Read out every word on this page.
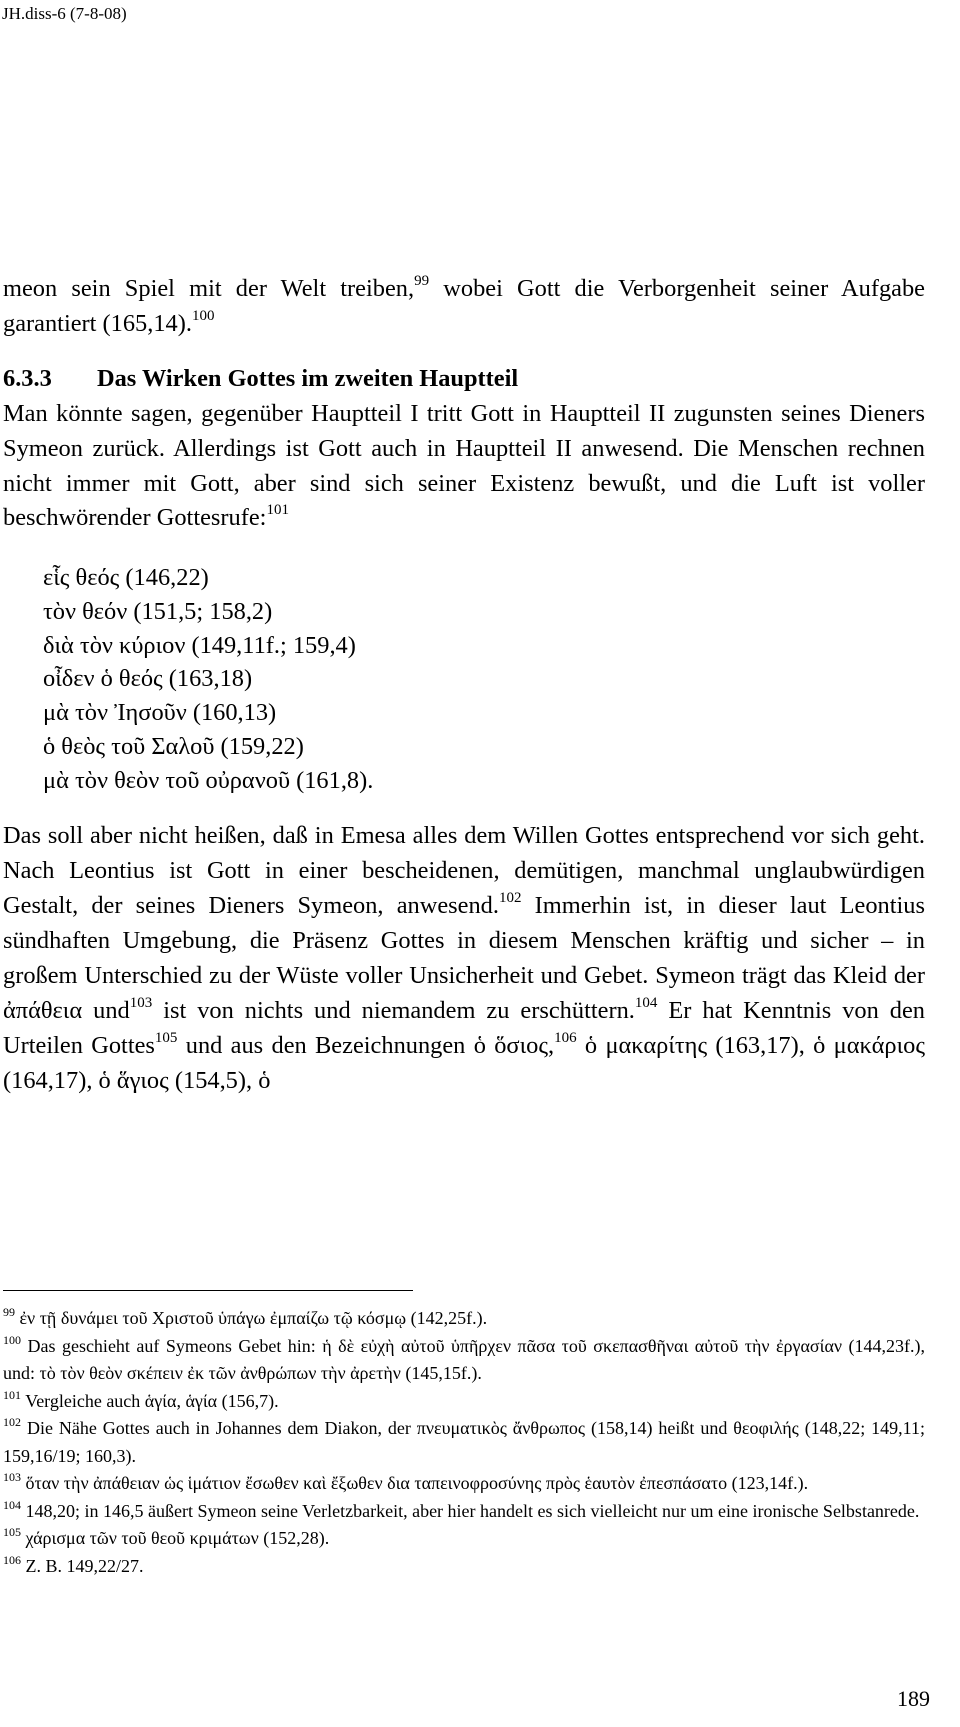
JH.diss-6 (7-8-08)

meon sein Spiel mit der Welt treiben,$^{99}$ wobei Gott die Verborgenheit seiner Aufgabe garantiert (165,14).$^{100}$

6.3.3 Das Wirken Gottes im zweiten Hauptteil

Man könnte sagen, gegenüber Hauptteil I tritt Gott in Hauptteil II zugunsten seines Dieners Symeon zurück. Allerdings ist Gott auch in Hauptteil II anwesend. Die Menschen rechnen nicht immer mit Gott, aber sind sich seiner Existenz bewußt, und die Luft ist voller beschwörender Gottesrufe:$^{101}$

εἷς θεός (146,22)
τὸν θεόν (151,5; 158,2)
διὰ τὸν κύριον (149,11f.; 159,4)
οἶδεν ὁ θεός (163,18)
μὰ τὸν Ἰησοῦν (160,13)
ὁ θεὸς τοῦ Σαλοῦ (159,22)
μὰ τὸν θεὸν τοῦ οὐρανοῦ (161,8).

Das soll aber nicht heißen, daß in Emesa alles dem Willen Gottes entsprechend vor sich geht. Nach Leontius ist Gott in einer bescheidenen, demütigen, manchmal unglaubwürdigen Gestalt, der seines Dieners Symeon, anwesend.$^{102}$ Immerhin ist, in dieser laut Leontius sündhaften Umgebung, die Präsenz Gottes in diesem Menschen kräftig und sicher – in großem Unterschied zu der Wüste voller Unsicherheit und Gebet. Symeon trägt das Kleid der ἀπάθεια und$^{103}$ ist von nichts und niemandem zu erschüttern.$^{104}$ Er hat Kenntnis von den Urteilen Gottes$^{105}$ und aus den Bezeichnungen ὁ ὅσιος,$^{106}$ ὁ μακαρίτης (163,17), ὁ μακάριος (164,17), ὁ ἅγιος (154,5), ὁ

$^{99}$ ἐν τῇ δυνάμει τοῦ Χριστοῦ ὑπάγω ἐμπαίζω τῷ κόσμῳ (142,25f.).

$^{100}$ Das geschieht auf Symeons Gebet hin: ἡ δὲ εὐχὴ αὐτοῦ ὑπῆρχεν πᾶσα τοῦ σκεπασθῆναι αὐτοῦ τὴν ἐργασίαν (144,23f.), und: τὸ τὸν θεὸν σκέπειν ἐκ τῶν ἀνθρώπων τὴν ἀρετὴν (145,15f.).

$^{101}$ Vergleiche auch ἁγία, ἁγία (156,7).

$^{102}$ Die Nähe Gottes auch in Johannes dem Diakon, der πνευματικὸς ἄνθρωπος (158,14) heißt und θεοφιλής (148,22; 149,11; 159,16/19; 160,3).

$^{103}$ ὅταν τὴν ἀπάθειαν ὡς ἱμάτιον ἔσωθεν καὶ ἔξωθεν δια ταπεινοφροσύνης πρὸς ἑαυτὸν ἐπεσπάσατο (123,14f.).

$^{104}$ 148,20; in 146,5 äußert Symeon seine Verletzbarkeit, aber hier handelt es sich vielleicht nur um eine ironische Selbstanrede.

$^{105}$ χάρισμα τῶν τοῦ θεοῦ κριμάτων (152,28).

$^{106}$ Z. B. 149,22/27.

189
